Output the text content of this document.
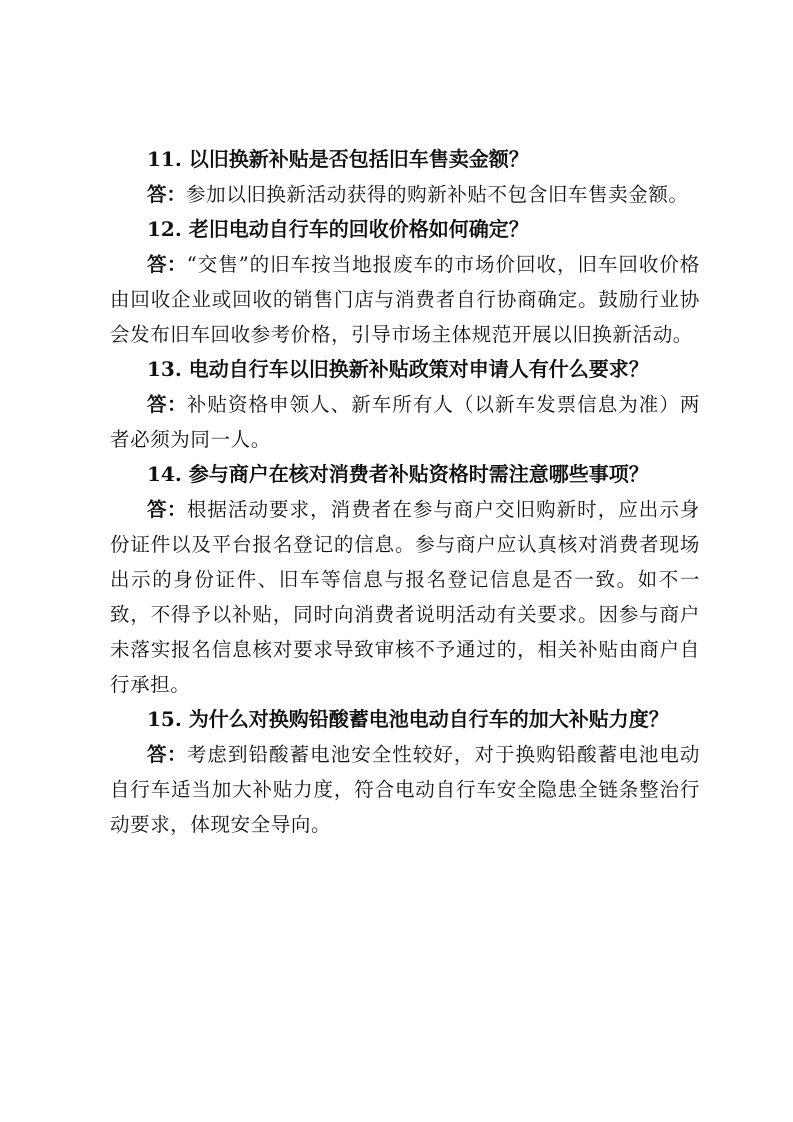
11. 以旧换新补贴是否包括旧车售卖金额？

答：参加以旧换新活动获得的购新补贴不包含旧车售卖金额。

12. 老旧电动自行车的回收价格如何确定？

答：“交售”的旧车按当地报废车的市场价回收，旧车回收价格由回收企业或回收的销售门店与消费者自行协商确定。鼓励行业协会发布旧车回收参考价格，引导市场主体规范开展以旧换新活动。

13. 电动自行车以旧换新补贴政策对申请人有什么要求？

答：补贴资格申领人、新车所有人（以新车发票信息为准）两者必须为同一人。

14. 参与商户在核对消费者补贴资格时需注意哪些事项？

答：根据活动要求，消费者在参与商户交旧购新时，应出示身份证件以及平台报名登记的信息。参与商户应认真核对消费者现场出示的身份证件、旧车等信息与报名登记信息是否一致。如不一致，不得予以补贴，同时向消费者说明活动有关要求。因参与商户未落实报名信息核对要求导致审核不予通过的，相关补贴由商户自行承担。

15. 为什么对换购铅酸蓄电池电动自行车的加大补贴力度？

答：考虑到铅酸蓄电池安全性较好，对于换购铅酸蓄电池电动自行车适当加大补贴力度，符合电动自行车安全隐患全链条整治行动要求，体现安全导向。
